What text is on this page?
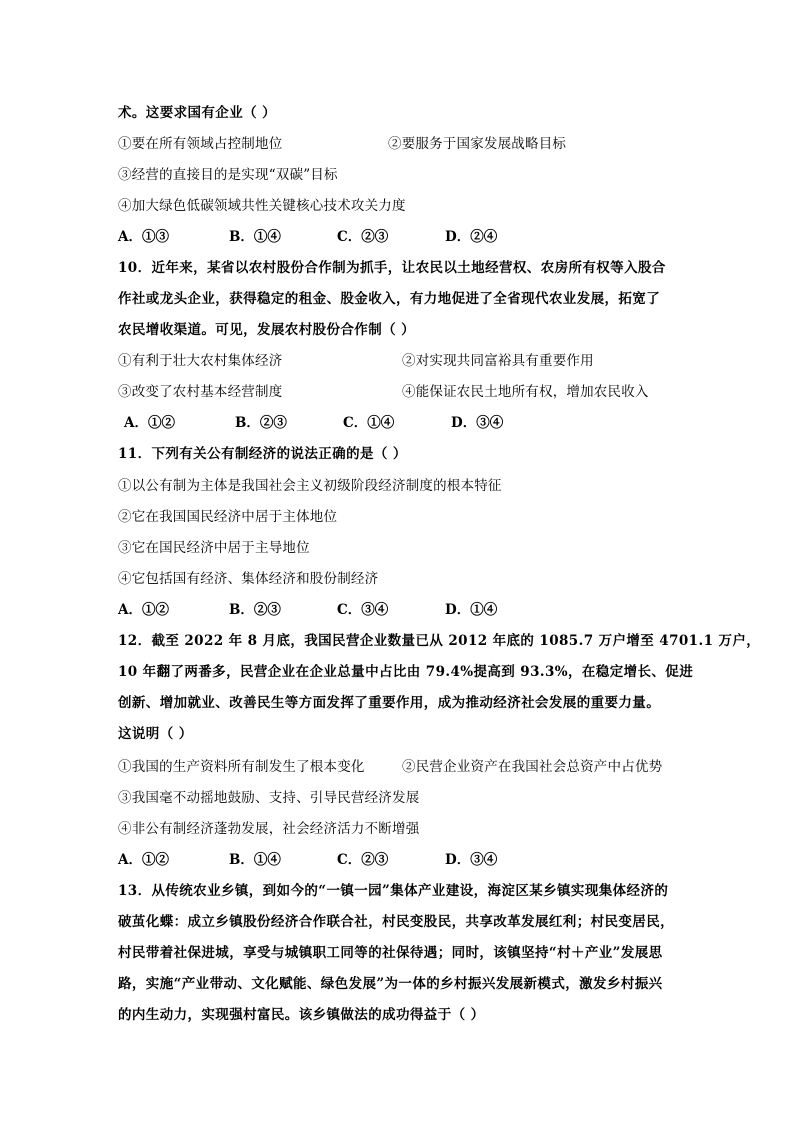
术。这要求国有企业（ ）
①要在所有领域占控制地位	②要服务于国家发展战略目标
③经营的直接目的是实现“双碳”目标
④加大绿色低碳领域共性关键核心技术攻关力度
A．①③	B．①④	C．②③	D．②④
10．近年来，某省以农村股份合作制为抓手，让农民以土地经营权、农房所有权等入股合
作社或龙头企业，获得稳定的租金、股金收入，有力地促进了全省现代农业发展，拓宽了
农民增收渠道。可见，发展农村股份合作制（ ）
①有利于壮大农村集体经济	②对实现共同富裕具有重要作用
③改变了农村基本经营制度	④能保证农民土地所有权，增加农民收入
A．①②	B．②③	C．①④	D．③④
11．下列有关公有制经济的说法正确的是（ ）
①以公有制为主体是我国社会主义初级阶段经济制度的根本特征
②它在我国国民经济中居于主体地位
③它在国民经济中居于主导地位
④它包括国有经济、集体经济和股份制经济
A．①②	B．②③	C．③④	D．①④
12．截至 2022 年 8 月底，我国民营企业数量已从 2012 年底的 1085.7 万户增至 4701.1 万户，
10 年翻了两番多，民营企业在企业总量中占比由 79.4%提高到 93.3%，在稳定增长、促进
创新、增加就业、改善民生等方面发挥了重要作用，成为推动经济社会发展的重要力量。
这说明（ ）
①我国的生产资料所有制发生了根本变化	②民营企业资产在我国社会总资产中占优势
③我国毫不动摇地鼓励、支持、引导民营经济发展
④非公有制经济蓬勃发展，社会经济活力不断增强
A．①②	B．①④	C．②③	D．③④
13．从传统农业乡镇，到如今的“一镇一园”集体产业建设，海淀区某乡镇实现集体经济的
破茧化蝶：成立乡镇股份经济合作联合社，村民变股民，共享改革发展红利；村民变居民，
村民带着社保进城，享受与城镇职工同等的社保待遇；同时，该镇坚持“村＋产业”发展思
路，实施“产业带动、文化赋能、绿色发展”为一体的乡村振兴发展新模式，激发乡村振兴
的内生动力，实现强村富民。该乡镇做法的成功得益于（ ）
